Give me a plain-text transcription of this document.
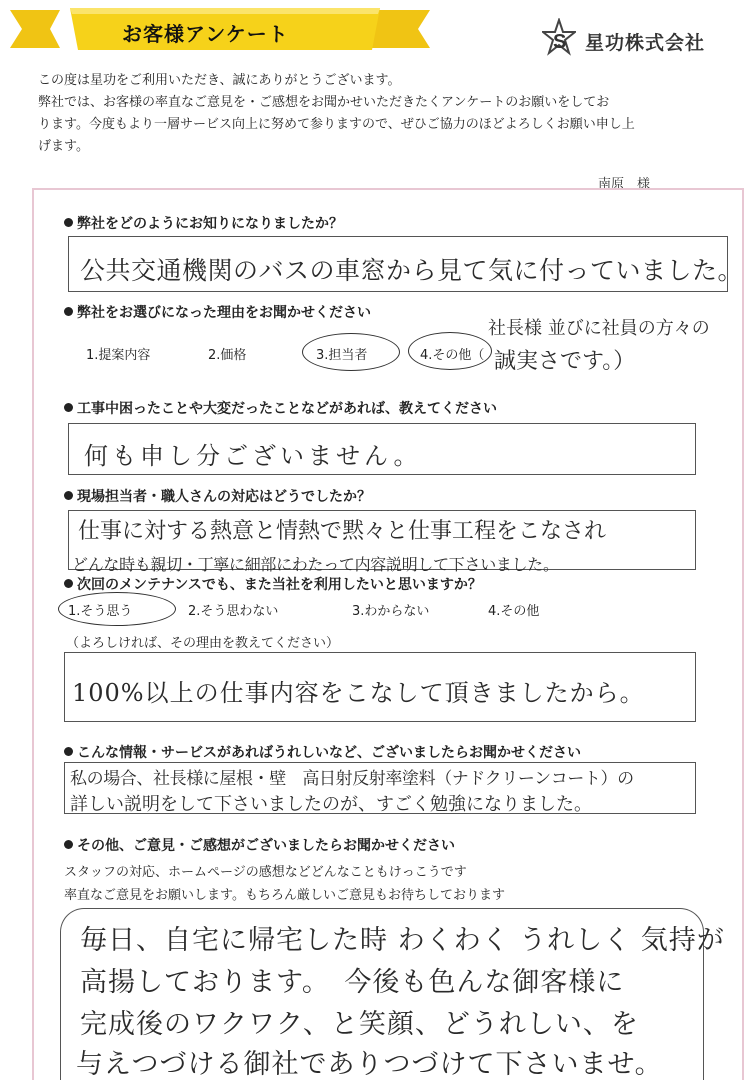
お客様アンケート	S 星功株式会社

この度は星功をご利用いただき、誠にありがとうございます。

弊社では、お客様の率直なご意見を・ご感想をお聞かせいただきたくアンケートのお願いをしてお

ります。今度もより一層サービス向上に努めて参りますので、ぜひご協力のほどよろしくお願い申し上

げます。

南原　様
弊社をどのようにお知りになりましたか？
公共交通機関のバスの車窓から見て気に付っていました。
弊社をお選びになった理由をお聞かせください
1.提案内容	2.価格	3.担当者	4.その他（
社長様 並びに社員の方々の
誠実さです。）
工事中困ったことや大変だったことなどがあれば、教えてください
何も申し分ございません。
現場担当者・職人さんの対応はどうでしたか？
仕事に対する熱意と情熱で黙々と仕事工程をこなされ
どんな時も親切・丁寧に細部にわたって内容説明して下さいました。
次回のメンテナンスでも、また当社を利用したいと思いますか？
1.そう思う	2.そう思わない	3.わからない	4.その他
（よろしければ、その理由を教えてください）
100%以上の仕事内容をこなして頂きましたから。
こんな情報・サービスがあればうれしいなど、ございましたらお聞かせください
私の場合、社長様に屋根・壁　高日射反射率塗料（ナドクリーンコート）の
詳しい説明をして下さいましたのが、すごく勉強になりました。
その他、ご意見・ご感想がございましたらお聞かせください
スタッフの対応、ホームページの感想などどんなこともけっこうです
率直なご意見をお願いします。もちろん厳しいご意見もお待ちしております
毎日、自宅に帰宅した時 わくわく うれしく 気持が
高揚しております。　今後も色んな御客様に
完成後のワクワク、と笑顔、どうれしい、を
与えつづける御社でありつづけて下さいませ。
